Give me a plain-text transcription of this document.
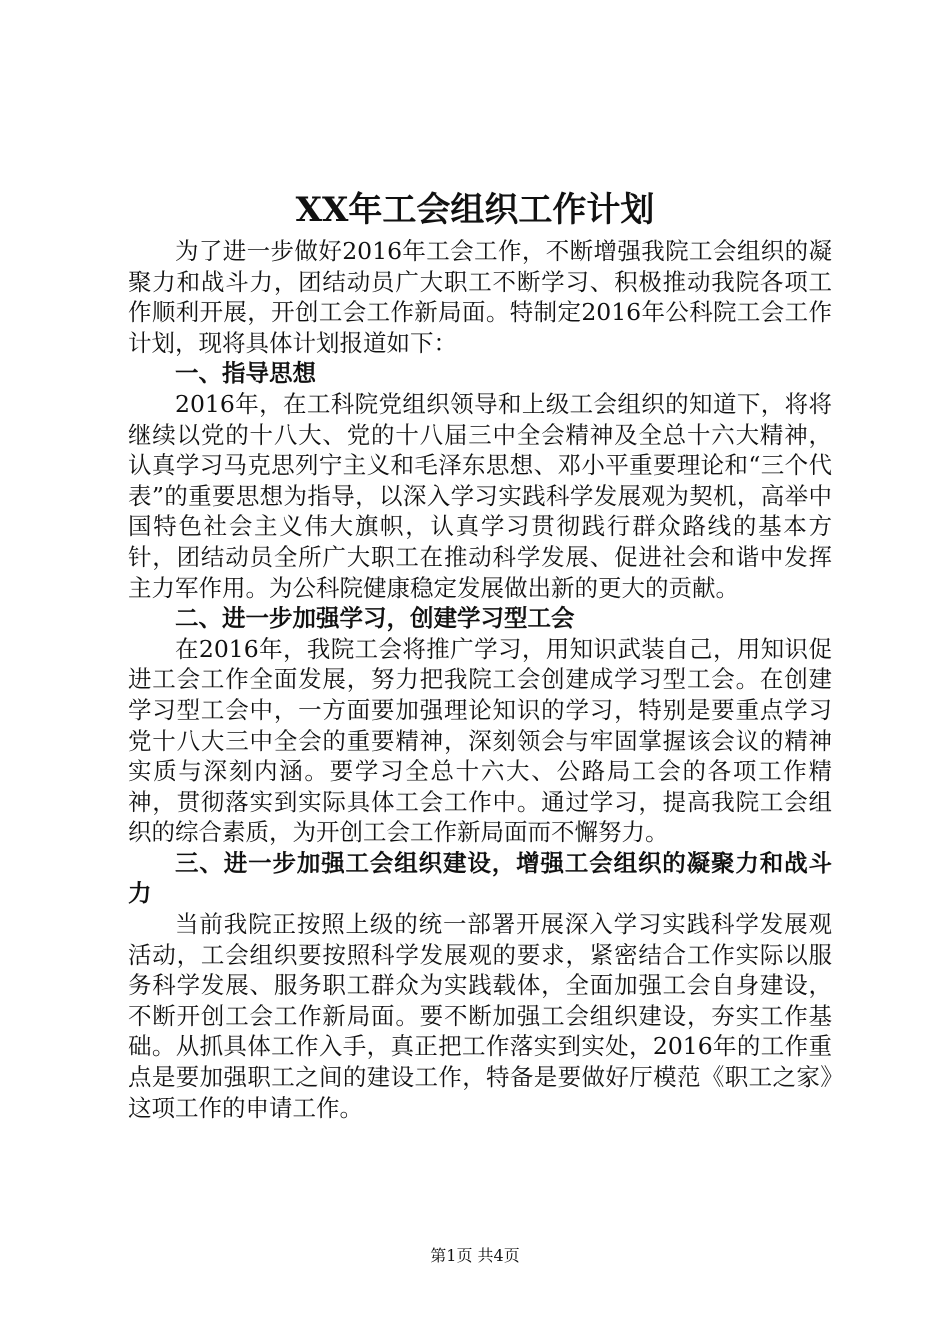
XX年工会组织工作计划

为了进一步做好2016年工会工作，不断增强我院工会组织的凝聚力和战斗力，团结动员广大职工不断学习、积极推动我院各项工作顺利开展，开创工会工作新局面。特制定2016年公科院工会工作计划，现将具体计划报道如下：

一、指导思想

2016年，在工科院党组织领导和上级工会组织的知道下，将将继续以党的十八大、党的十八届三中全会精神及全总十六大精神，认真学习马克思列宁主义和毛泽东思想、邓小平重要理论和“三个代表”的重要思想为指导，以深入学习实践科学发展观为契机，高举中国特色社会主义伟大旗帜，认真学习贯彻践行群众路线的基本方针，团结动员全所广大职工在推动科学发展、促进社会和谐中发挥主力军作用。为公科院健康稳定发展做出新的更大的贡献。

二、进一步加强学习，创建学习型工会

在2016年，我院工会将推广学习，用知识武装自己，用知识促进工会工作全面发展，努力把我院工会创建成学习型工会。在创建学习型工会中，一方面要加强理论知识的学习，特别是要重点学习党十八大三中全会的重要精神，深刻领会与牢固掌握该会议的精神实质与深刻内涵。要学习全总十六大、公路局工会的各项工作精神，贯彻落实到实际具体工会工作中。通过学习，提高我院工会组织的综合素质，为开创工会工作新局面而不懈努力。

三、进一步加强工会组织建设，增强工会组织的凝聚力和战斗力

当前我院正按照上级的统一部署开展深入学习实践科学发展观活动，工会组织要按照科学发展观的要求，紧密结合工作实际以服务科学发展、服务职工群众为实践载体，全面加强工会自身建设，不断开创工会工作新局面。要不断加强工会组织建设，夯实工作基础。从抓具体工作入手，真正把工作落实到实处，2016年的工作重点是要加强职工之间的建设工作，特备是要做好厅模范《职工之家》这项工作的申请工作。

第1页 共4页
